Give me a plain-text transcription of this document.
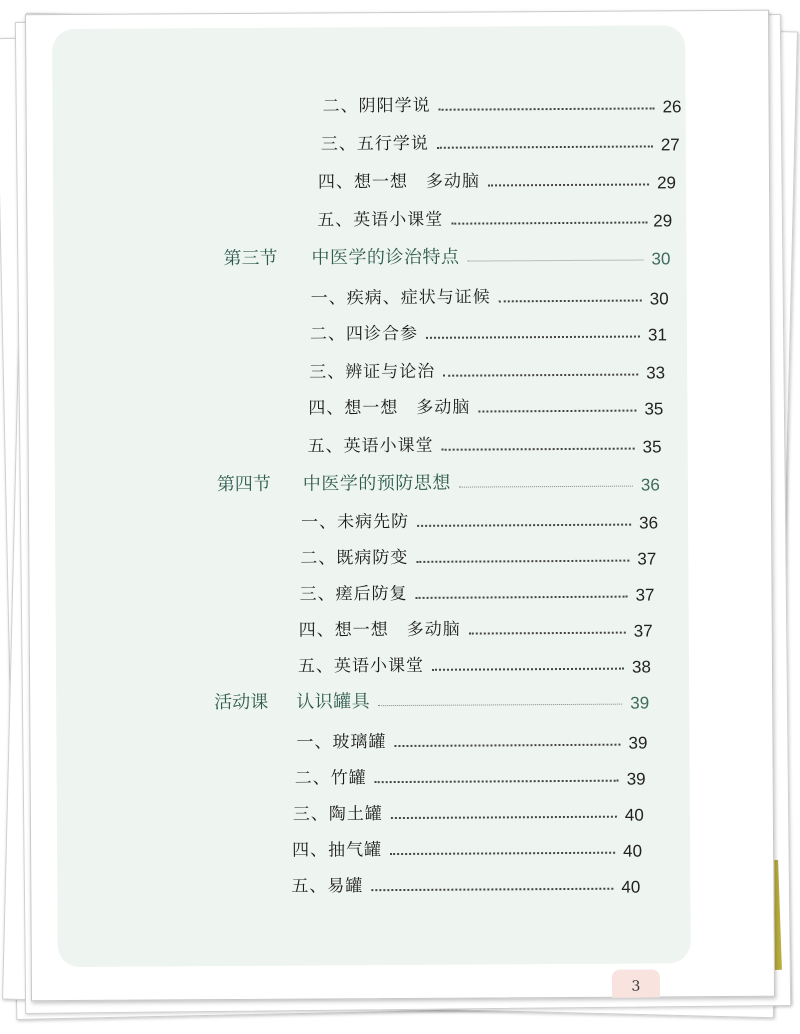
二、阴阳学说	26
三、五行学说	27
四、想一想　多动脑	29
五、英语小课堂	29
第三节 中医学的诊治特点	30
一、疾病、症状与证候	30
二、四诊合参	31
三、辨证与论治	33
四、想一想　多动脑	35
五、英语小课堂	35
第四节 中医学的预防思想	36
一、未病先防	36
二、既病防变	37
三、瘥后防复	37
四、想一想　多动脑	37
五、英语小课堂	38
活动课 认识罐具	39
一、玻璃罐	39
二、竹罐	39
三、陶土罐	40
四、抽气罐	40
五、易罐	40
3
